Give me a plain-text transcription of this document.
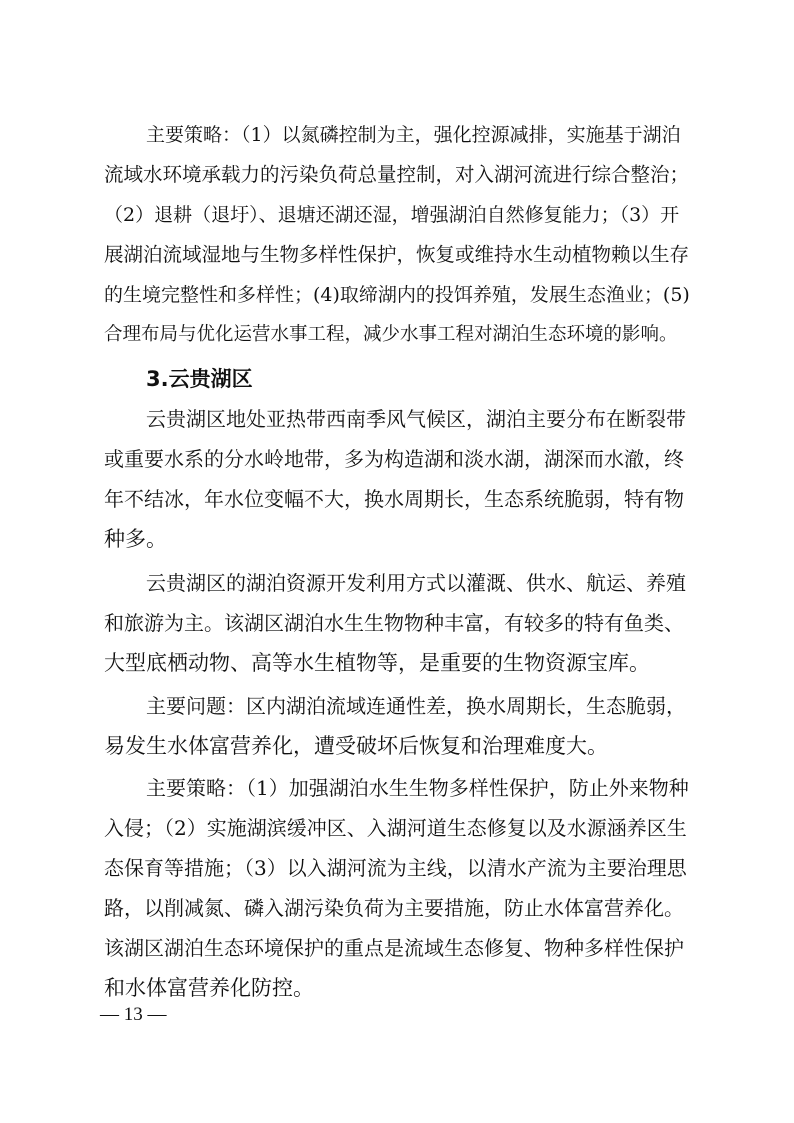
主要策略：（1）以氮磷控制为主，强化控源减排，实施基于湖泊
流域水环境承载力的污染负荷总量控制，对入湖河流进行综合整治；
（2）退耕（退圩）、退塘还湖还湿，增强湖泊自然修复能力；（3）开
展湖泊流域湿地与生物多样性保护，恢复或维持水生动植物赖以生存
的生境完整性和多样性；(4)取缔湖内的投饵养殖，发展生态渔业；(5)
合理布局与优化运营水事工程，减少水事工程对湖泊生态环境的影响。
3.云贵湖区
云贵湖区地处亚热带西南季风气候区，湖泊主要分布在断裂带
或重要水系的分水岭地带，多为构造湖和淡水湖，湖深而水澈，终
年不结冰，年水位变幅不大，换水周期长，生态系统脆弱，特有物
种多。
云贵湖区的湖泊资源开发利用方式以灌溉、供水、航运、养殖
和旅游为主。该湖区湖泊水生生物物种丰富，有较多的特有鱼类、
大型底栖动物、高等水生植物等，是重要的生物资源宝库。
主要问题：区内湖泊流域连通性差，换水周期长，生态脆弱，
易发生水体富营养化，遭受破坏后恢复和治理难度大。
主要策略：（1）加强湖泊水生生物多样性保护，防止外来物种
入侵；（2）实施湖滨缓冲区、入湖河道生态修复以及水源涵养区生
态保育等措施；（3）以入湖河流为主线，以清水产流为主要治理思
路，以削减氮、磷入湖污染负荷为主要措施，防止水体富营养化。
该湖区湖泊生态环境保护的重点是流域生态修复、物种多样性保护
和水体富营养化防控。
— 13 —
